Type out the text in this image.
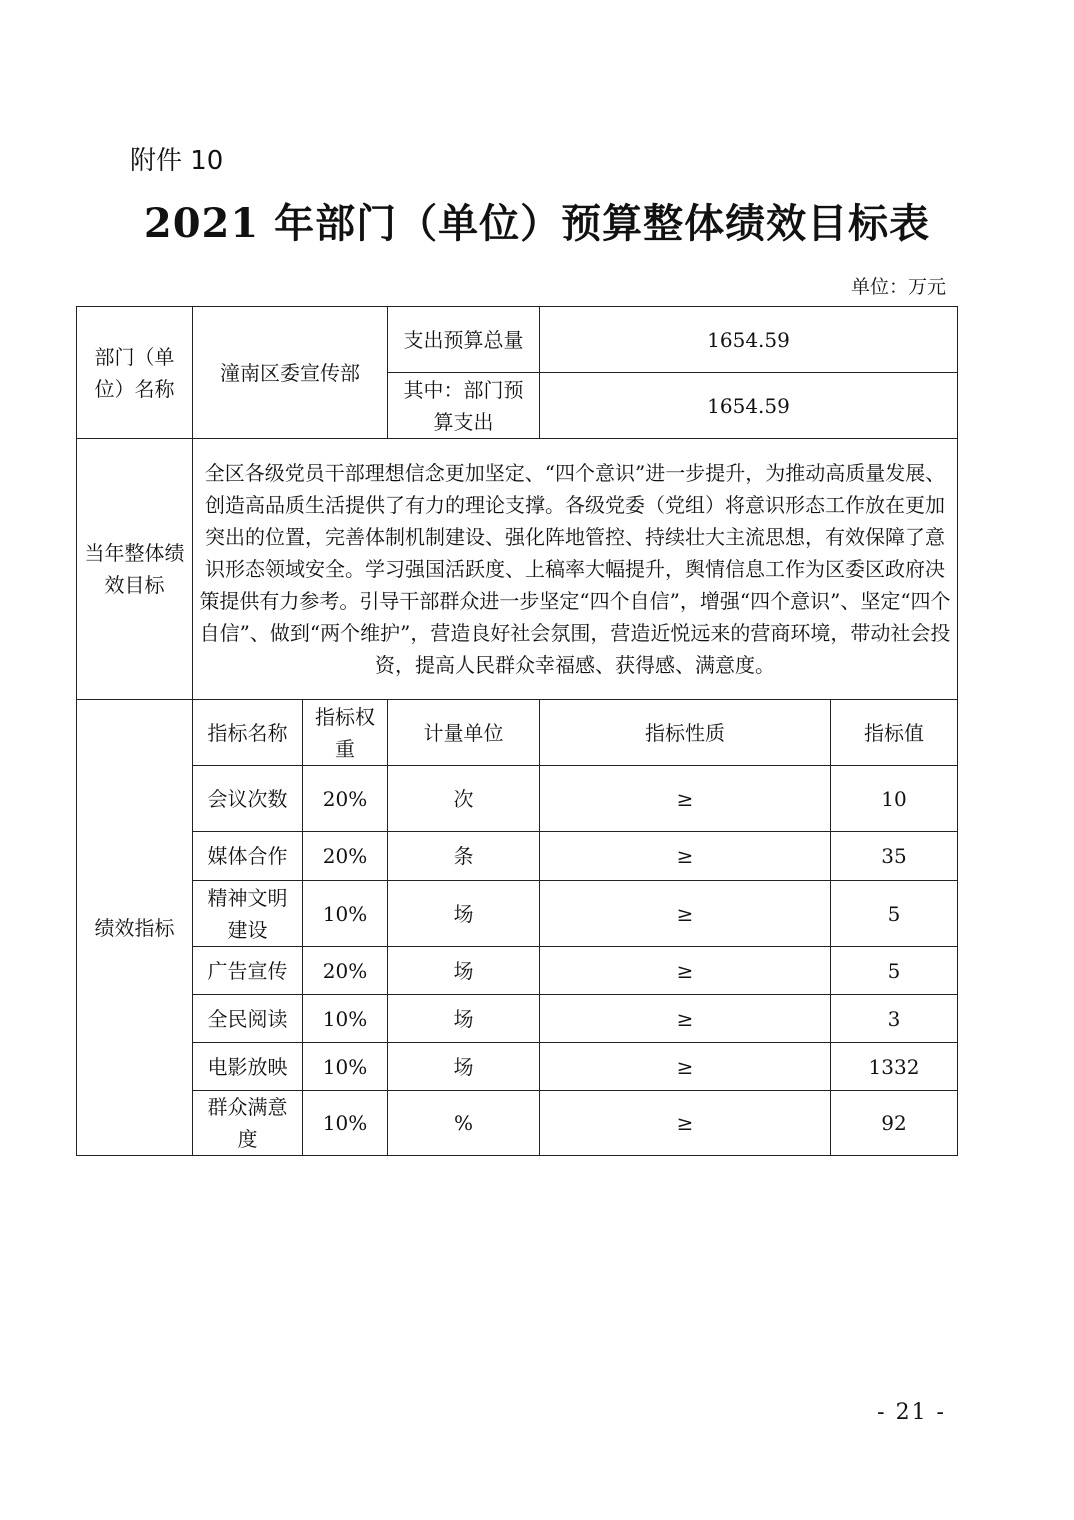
附件 10
2021 年部门（单位）预算整体绩效目标表
单位：万元
部门（单位）名称	潼南区委宣传部		支出预算总量	1654.59	
			其中：部门预算支出	1654.59	
当年整体绩效目标	全区各级党员干部理想信念更加坚定、“四个意识”进一步提升，为推动高质量发展、创造高品质生活提供了有力的理论支撑。各级党委（党组）将意识形态工作放在更加突出的位置，完善体制机制建设、强化阵地管控、持续壮大主流思想，有效保障了意识形态领域安全。学习强国活跃度、上稿率大幅提升，舆情信息工作为区委区政府决策提供有力参考。引导干部群众进一步坚定“四个自信”，增强“四个意识”、坚定“四个自信”、做到“两个维护”，营造良好社会氛围，营造近悦远来的营商环境，带动社会投资，提高人民群众幸福感、获得感、满意度。				
绩效指标	指标名称	指标权重	计量单位	指标性质	指标值
	会议次数	20%	次	≥	10
	媒体合作	20%	条	≥	35
	精神文明建设	10%	场	≥	5
	广告宣传	20%	场	≥	5
	全民阅读	10%	场	≥	3
	电影放映	10%	场	≥	1332
	群众满意度	10%	%	≥	92
- 21 -
